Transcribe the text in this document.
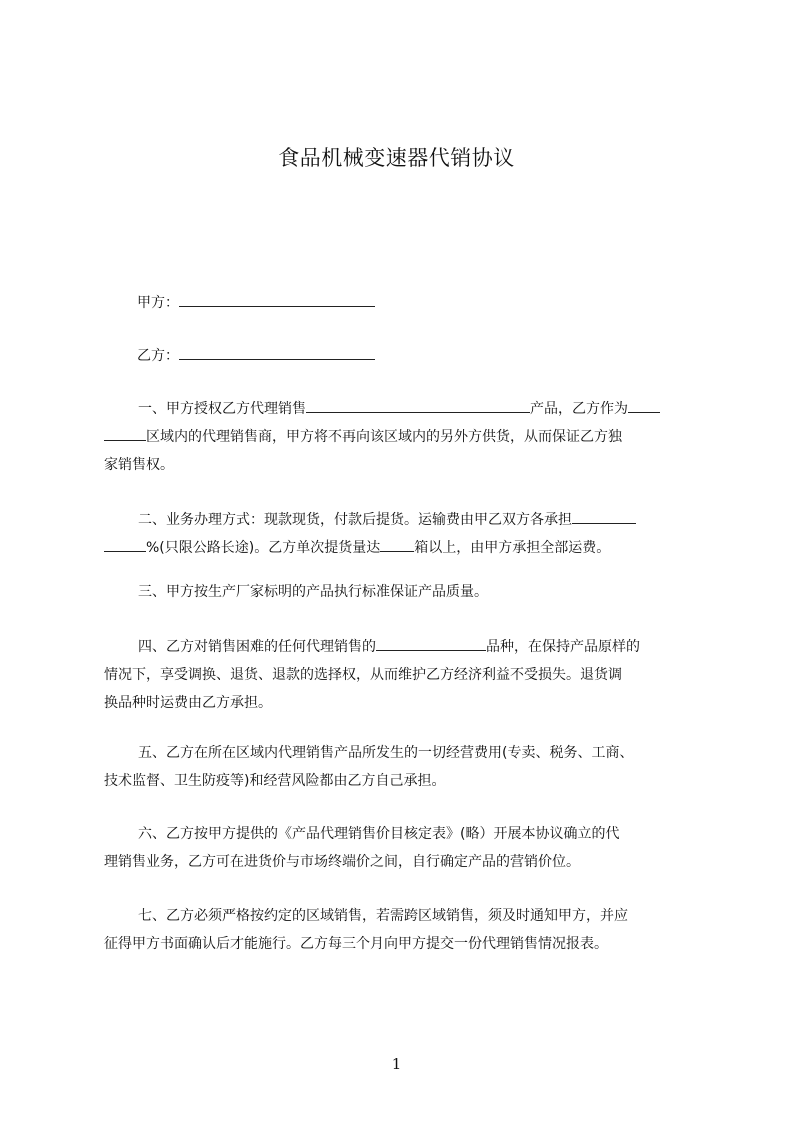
食品机械变速器代销协议
甲方：
乙方：
一、甲方授权乙方代理销售	产品，乙方作为
区域内的代理销售商，甲方将不再向该区域内的另外方供货，从而保证乙方独
家销售权。
二、业务办理方式：现款现货，付款后提货。运输费由甲乙双方各承担
%(只限公路长途)。乙方单次提货量达 箱以上，由甲方承担全部运费。
三、甲方按生产厂家标明的产品执行标准保证产品质量。
四、乙方对销售困难的任何代理销售的	品种，在保持产品原样的
情况下，享受调换、退货、退款的选择权，从而维护乙方经济利益不受损失。退货调
换品种时运费由乙方承担。
五、乙方在所在区域内代理销售产品所发生的一切经营费用(专卖、税务、工商、
技术监督、卫生防疫等)和经营风险都由乙方自己承担。
六、乙方按甲方提供的《产品代理销售价目核定表》(略）开展本协议确立的代
理销售业务，乙方可在进货价与市场终端价之间，自行确定产品的营销价位。
七、乙方必须严格按约定的区域销售，若需跨区域销售，须及时通知甲方，并应
征得甲方书面确认后才能施行。乙方每三个月向甲方提交一份代理销售情况报表。
1
